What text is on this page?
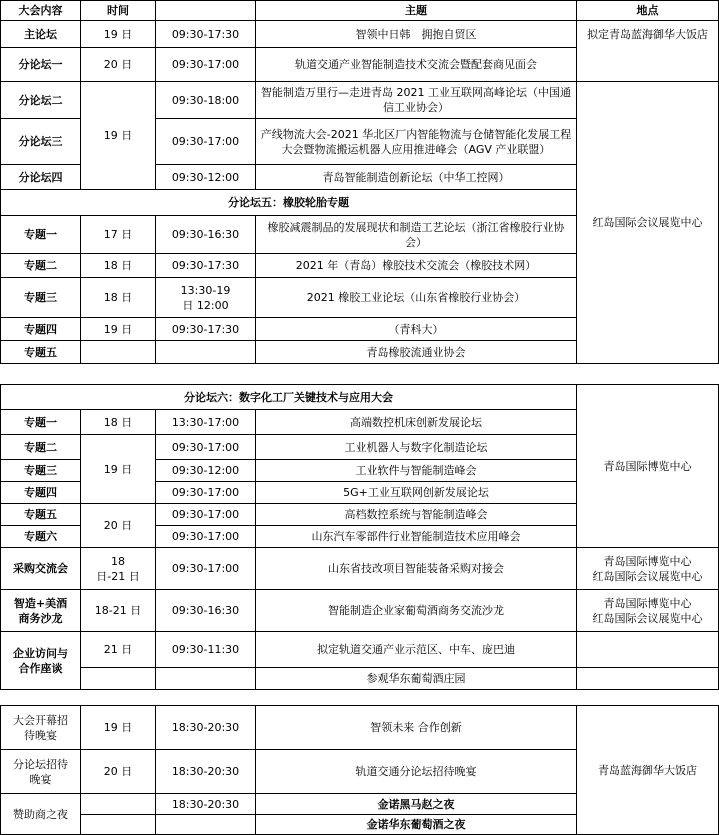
大会内容	时间		主题	地点
主论坛	19 日	09:30-17:30	智领中日韩　拥抱自贸区	拟定青岛蓝海御华大饭店
分论坛一	20 日	09:30-17:00	轨道交通产业智能制造技术交流会暨配套商见面会	
分论坛二	19 日	09:30-18:00	智能制造万里行—走进青岛 2021 工业互联网高峰论坛（中国通信工业协会）	红岛国际会议展览中心
分论坛三		09:30-17:00	产线物流大会-2021 华北区厂内智能物流与仓储智能化发展工程大会暨物流搬运机器人应用推进峰会（AGV 产业联盟）	
分论坛四		09:30-12:00	青岛智能制造创新论坛（中华工控网）	
分论坛五：橡胶轮胎专题				
专题一	17 日	09:30-16:30	橡胶减震制品的发展现状和制造工艺论坛（浙江省橡胶行业协会）	
专题二	18 日	09:30-17:30	2021 年（青岛）橡胶技术交流会（橡胶技术网）	
专题三	18 日	13:30-19 日 12:00	2021 橡胶工业论坛（山东省橡胶行业协会）	
专题四	19 日	09:30-17:30	（青科大）	
专题五			青岛橡胶流通业协会	
分论坛六：数字化工厂关键技术与应用大会				青岛国际博览中心
专题一	18 日	13:30-17:00	高端数控机床创新发展论坛	
专题二	19 日	09:30-17:00	工业机器人与数字化制造论坛	
专题三		09:30-12:00	工业软件与智能制造峰会	
专题四		09:30-17:00	5G+工业互联网创新发展论坛	
专题五	20 日	09:30-17:00	高档数控系统与智能制造峰会	
专题六		09:30-17:00	山东汽车零部件行业智能制造技术应用峰会	
采购交流会	18 日-21 日	09:30-17:00	山东省技改项目智能装备采购对接会	青岛国际博览中心
红岛国际会议展览中心
智造+美酒商务沙龙	18-21 日	09:30-16:30	智能制造企业家葡萄酒商务交流沙龙	青岛国际博览中心
红岛国际会议展览中心
企业访问与合作座谈	21 日	09:30-11:30	拟定轨道交通产业示范区、中车、庞巴迪	
			参观华东葡萄酒庄园	
大会开幕招待晚宴	19 日	18:30-20:30	智领未来 合作创新	青岛蓝海御华大饭店
分论坛招待晚宴	20 日	18:30-20:30	轨道交通分论坛招待晚宴	
赞助商之夜		18:30-20:30	金诺黑马赵之夜	
			金诺华东葡萄酒之夜	
